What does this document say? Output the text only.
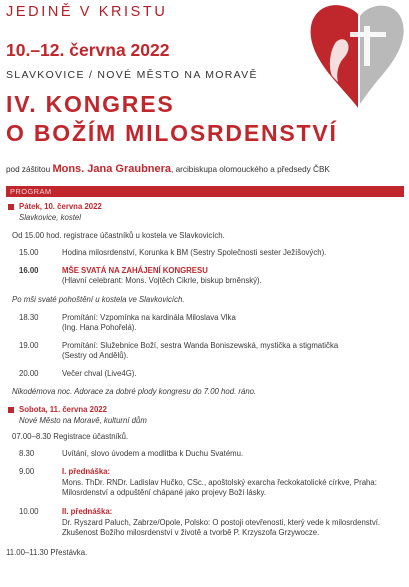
JEDINĚ V KRISTU
10.–12. června 2022
SLAVKOVICE / NOVÉ MĚSTO NA MORAVĚ
IV. KONGRES
O BOŽÍM MILOSRDENSTVÍ
pod záštitou Mons. Jana Graubnera, arcibiskupa olomouckého a předsedy ČBK
PROGRAM
Pátek, 10. června 2022
Slavkovice, kostel
Od 15.00 hod. registrace účastníků u kostela ve Slavkovicích.
15.00	Hodina milosrdenství, Korunka k BM (Sestry Společnosti sester Ježíšových).
16.00	MŠE SVATÁ NA ZAHÁJENÍ KONGRESU
(Hlavní celebrant: Mons. Vojtěch Cikrle, biskup brněnský).
Po mši svaté pohoštění u kostela ve Slavkovicích.
18.30	Promítání: Vzpomínka na kardinála Miloslava Vlka
(Ing. Hana Pohořelá).
19.00	Promítání: Služebnice Boží, sestra Wanda Boniszewská, mystička a stigmatička
(Sestry od Andělů).
20.00	Večer chval (Live4G).
Nikodémova noc. Adorace za dobré plody kongresu do 7.00 hod. ráno.
Sobota, 11. června 2022
Nové Město na Moravě, kulturní dům
07.00–8.30 Registrace účastníků.
8.30	Uvítání, slovo úvodem a modlitba k Duchu Svatému.
9.00	I. přednáška:
Mons. ThDr. RNDr. Ladislav Hučko, CSc., apoštolský exarcha řeckokatolické církve, Praha:
Milosrdenství a odpuštění chápané jako projevy Boží lásky.
10.00	II. přednáška:
Dr. Ryszard Paluch, Zabrze/Opole, Polsko: O postoji otevřenosti, který vede k milosrdenství.
Zkušenost Božího milosrdenství v životě a tvorbě P. Krzyszofa Grzywocze.
11.00–11.30 Přestávka.
